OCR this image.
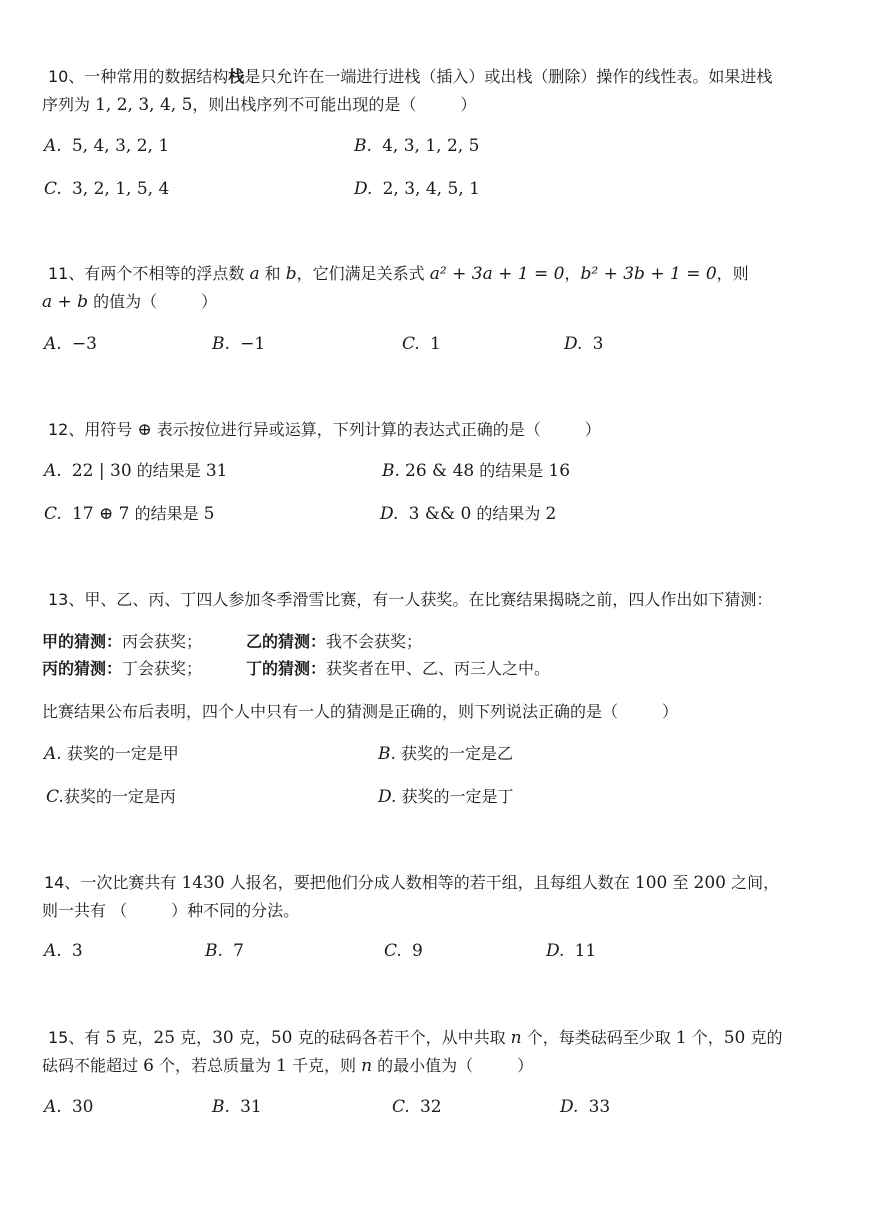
10、一种常用的数据结构栈是只允许在一端进行进栈（插入）或出栈（删除）操作的线性表。如果进栈
序列为 1, 2, 3, 4, 5，则出栈序列不可能出现的是（	）
A. 5, 4, 3, 2, 1	B. 4, 3, 1, 2, 5
C. 3, 2, 1, 5, 4	D. 2, 3, 4, 5, 1
11、有两个不相等的浮点数 a 和 b，它们满足关系式 a² + 3a + 1 = 0，b² + 3b + 1 = 0，则
a + b 的值为（	）
A. −3	B. −1	C. 1	D. 3
12、用符号 ⊕ 表示按位进行异或运算，下列计算的表达式正确的是（	）
A. 22 | 30 的结果是 31	B. 26 & 48 的结果是 16
C. 17 ⊕ 7 的结果是 5	D. 3 && 0 的结果为 2
13、甲、乙、丙、丁四人参加冬季滑雪比赛，有一人获奖。在比赛结果揭晓之前，四人作出如下猜测：
甲的猜测：丙会获奖；	乙的猜测：我不会获奖；
丙的猜测：丁会获奖；	丁的猜测：获奖者在甲、乙、丙三人之中。
比赛结果公布后表明，四个人中只有一人的猜测是正确的，则下列说法正确的是（	）
A. 获奖的一定是甲	B. 获奖的一定是乙
C.获奖的一定是丙	D. 获奖的一定是丁
14、一次比赛共有 1430 人报名，要把他们分成人数相等的若干组，且每组人数在 100 至 200 之间，
则一共有 （	）种不同的分法。
A. 3	B. 7	C. 9	D. 11
15、有 5 克，25 克，30 克，50 克的砝码各若干个，从中共取 n 个，每类砝码至少取 1 个，50 克的
砝码不能超过 6 个，若总质量为 1 千克，则 n 的最小值为（	）
A. 30	B. 31	C. 32	D. 33
